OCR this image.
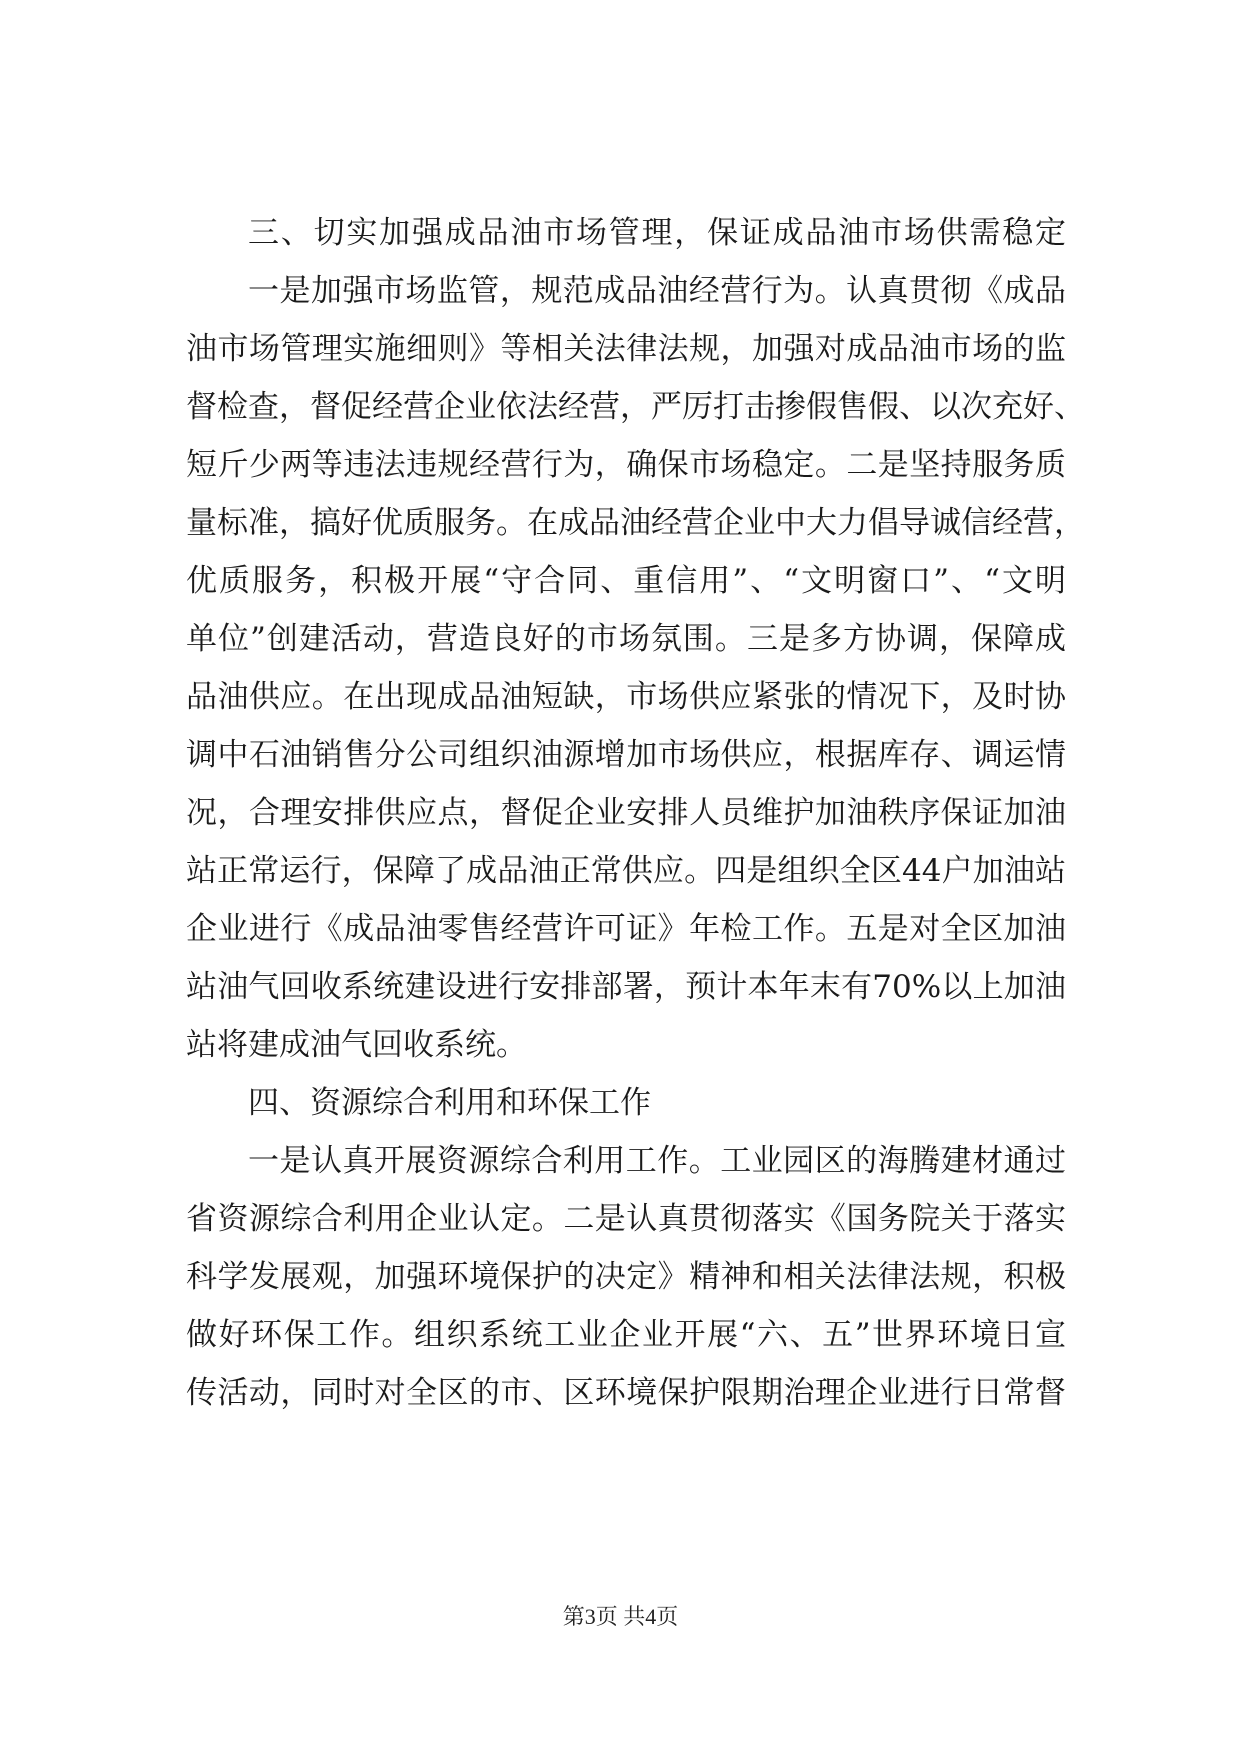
三、切实加强成品油市场管理，保证成品油市场供需稳定
一是加强市场监管，规范成品油经营行为。认真贯彻《成品
油市场管理实施细则》等相关法律法规，加强对成品油市场的监
督检查，督促经营企业依法经营，严厉打击掺假售假、以次充好、
短斤少两等违法违规经营行为，确保市场稳定。二是坚持服务质
量标准，搞好优质服务。在成品油经营企业中大力倡导诚信经营，
优质服务，积极开展“守合同、重信用”、“文明窗口”、“文明
单位”创建活动，营造良好的市场氛围。三是多方协调，保障成
品油供应。在出现成品油短缺，市场供应紧张的情况下，及时协
调中石油销售分公司组织油源增加市场供应，根据库存、调运情
况，合理安排供应点，督促企业安排人员维护加油秩序保证加油
站正常运行，保障了成品油正常供应。四是组织全区44户加油站
企业进行《成品油零售经营许可证》年检工作。五是对全区加油
站油气回收系统建设进行安排部署，预计本年末有70%以上加油
站将建成油气回收系统。
四、资源综合利用和环保工作
一是认真开展资源综合利用工作。工业园区的海腾建材通过
省资源综合利用企业认定。二是认真贯彻落实《国务院关于落实
科学发展观，加强环境保护的决定》精神和相关法律法规，积极
做好环保工作。组织系统工业企业开展“六、五”世界环境日宣
传活动，同时对全区的市、区环境保护限期治理企业进行日常督
第3页 共4页
